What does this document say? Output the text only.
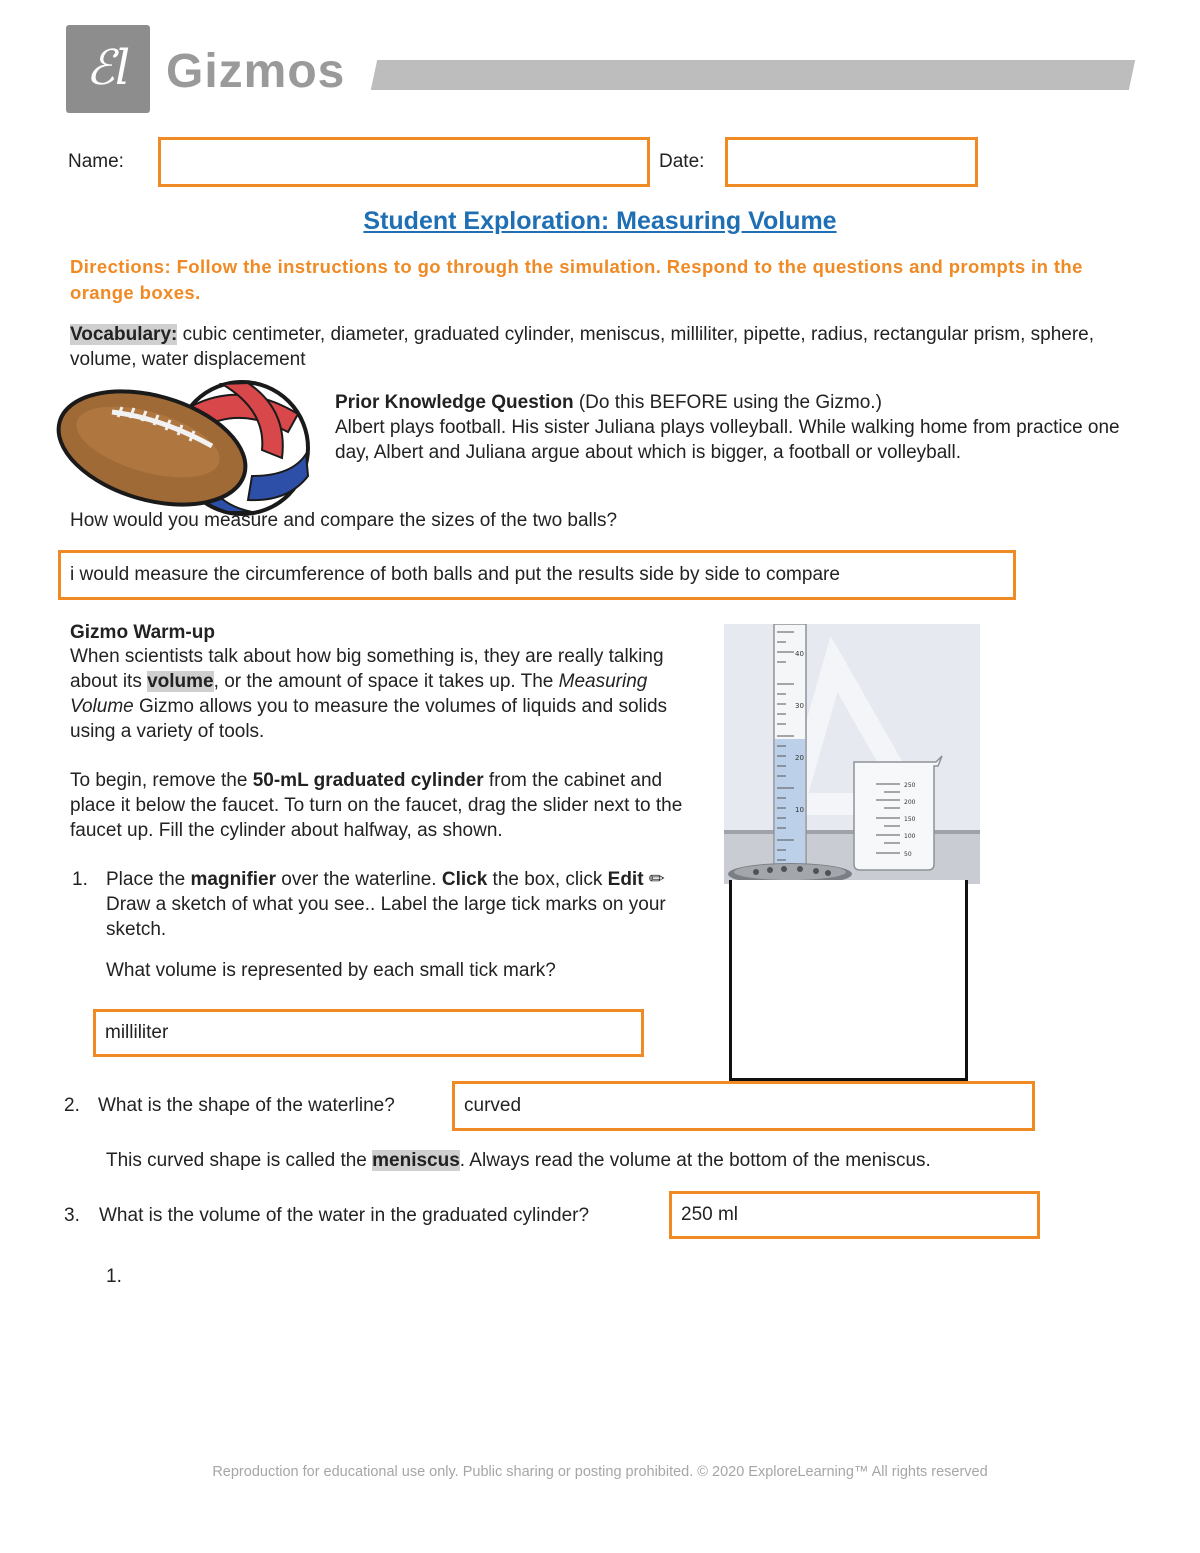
ℰl Gizmos
Name:	Date:
Student Exploration: Measuring Volume
Directions: Follow the instructions to go through the simulation. Respond to the questions and prompts in the orange boxes.
Vocabulary: cubic centimeter, diameter, graduated cylinder, meniscus, milliliter, pipette, radius, rectangular prism, sphere, volume, water displacement
Prior Knowledge Question (Do this BEFORE using the Gizmo.)
Albert plays football. His sister Juliana plays volleyball. While walking home from practice one day, Albert and Juliana argue about which is bigger, a football or volleyball.
How would you measure and compare the sizes of the two balls?
i would measure the circumference of both balls and put the results side by side to compare
Gizmo Warm-up
When scientists talk about how big something is, they are really talking about its volume, or the amount of space it takes up. The Measuring Volume Gizmo allows you to measure the volumes of liquids and solids using a variety of tools.
To begin, remove the 50-mL graduated cylinder from the cabinet and place it below the faucet. To turn on the faucet, drag the slider next to the faucet up. Fill the cylinder about halfway, as shown.
40
30
20
10
250
200
150
100
50
1. Place the magnifier over the waterline. Click the box, click Edit ✏ Draw a sketch of what you see.. Label the large tick marks on your sketch.
What volume is represented by each small tick mark?
milliliter
2. What is the shape of the waterline?	curved
This curved shape is called the meniscus. Always read the volume at the bottom of the meniscus.
3. What is the volume of the water in the graduated cylinder?	250 ml
1.
Reproduction for educational use only. Public sharing or posting prohibited. © 2020 ExploreLearning™ All rights reserved
